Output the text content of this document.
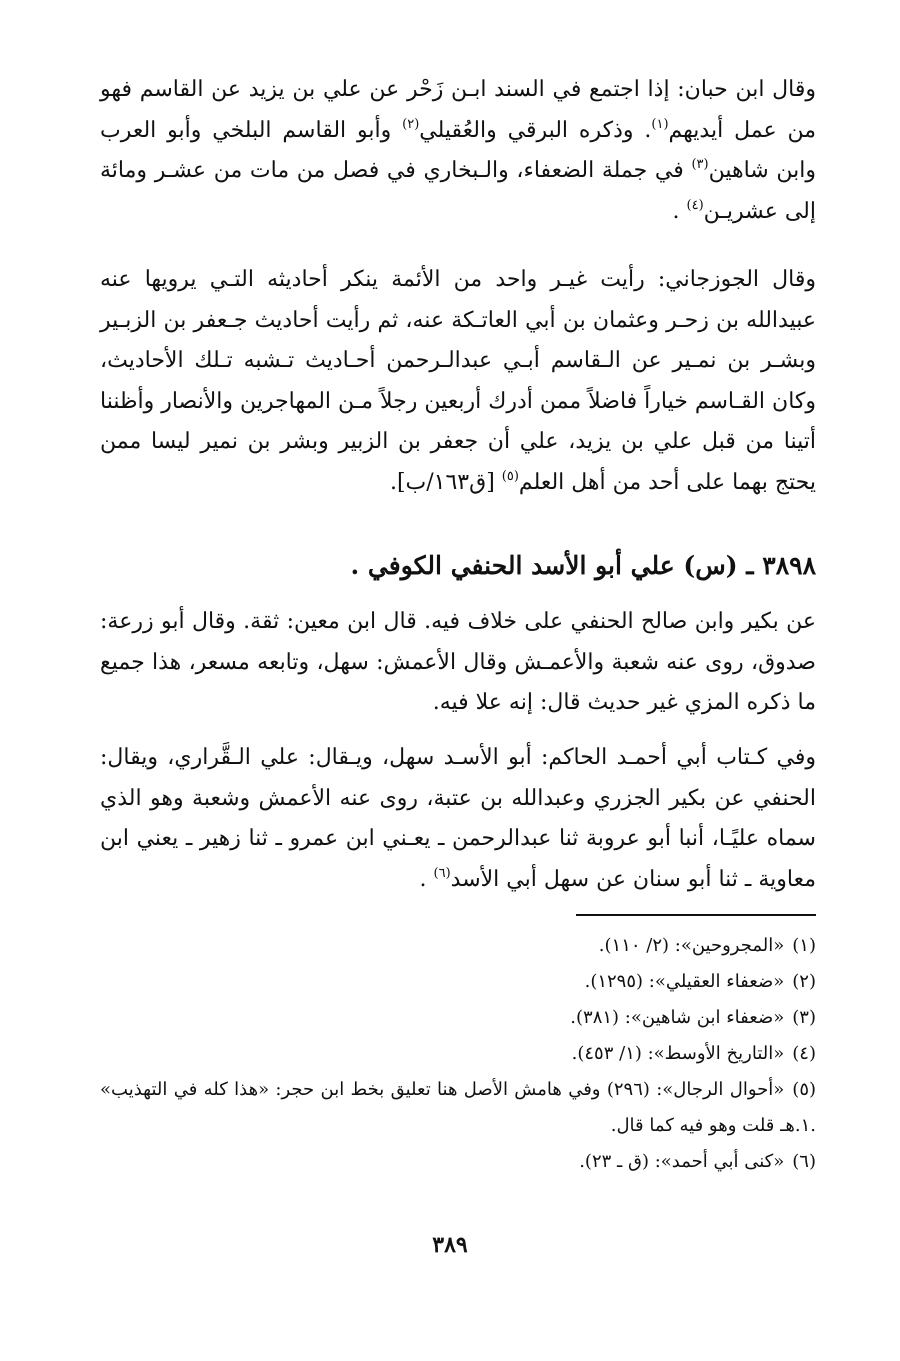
وقال ابن حبان: إذا اجتمع في السند ابـن زَحْر عن علي بن يزيد عن القاسم فهو من عمل أيديهم$^{(١)}$. وذكره البرقي والعُقيلي$^{(٢)}$ وأبو القاسم البلخي وأبو العرب وابن شاهين$^{(٣)}$ في جملة الضعفاء، والـبخاري في فصل من مات من عشـر ومائة إلى عشريـن$^{(٤)}$ .

وقال الجوزجاني: رأيت غيـر واحد من الأئمة ينكر أحاديثه التـي يرويها عنه عبيدالله بن زحـر وعثمان بن أبي العاتـكة عنه، ثم رأيت أحاديث جـعفر بن الزبـير وبشـر بن نمـير عن الـقاسم أبـي عبدالـرحمن أحـاديث تـشبه تـلك الأحاديث، وكان القـاسم خياراً فاضلاً ممن أدرك أربعين رجلاً مـن المهاجرين والأنصار وأظننا أتينا من قبل علي بن يزيد، علي أن جعفر بن الزبير وبشر بن نمير ليسا ممن يحتج بهما على أحد من أهل العلم$^{(٥)}$ [ق١٦٣/ب].

٣٨٩٨ ـ (س) علي أبو الأسد الحنفي الكوفي .

عن بكير وابن صالح الحنفي على خلاف فيه. قال ابن معين: ثقة. وقال أبو زرعة: صدوق، روى عنه شعبة والأعمـش وقال الأعمش: سهل، وتابعه مسعر، هذا جميع ما ذكره المزي غير حديث قال: إنه علا فيه.

وفي كـتاب أبي أحمـد الحاكم: أبو الأسـد سهل، ويـقال: علي الـقَّراري، ويقال: الحنفي عن بكير الجزري وعبدالله بن عتبة، روى عنه الأعمش وشعبة وهو الذي سماه عليًـا، أنبا أبو عروبة ثنا عبدالرحمن ـ يعـني ابن عمرو ـ ثنا زهير ـ يعني ابن معاوية ـ ثنا أبو سنان عن سهل أبي الأسد$^{(٦)}$ .

(١)«المجروحين»: (٢/ ١١٠).

(٢)«ضعفاء العقيلي»: (١٢٩٥).

(٣)«ضعفاء ابن شاهين»: (٣٨١).

(٤)«التاريخ الأوسط»: (١/ ٤٥٣).

(٥)«أحوال الرجال»: (٢٩٦) وفي هامش الأصل هنا تعليق بخط ابن حجر: «هذا كله في التهذيب» .١.هـ قلت وهو فيه كما قال.

(٦)«كنى أبي أحمد»: (ق ـ ٢٣).

٣٨٩
